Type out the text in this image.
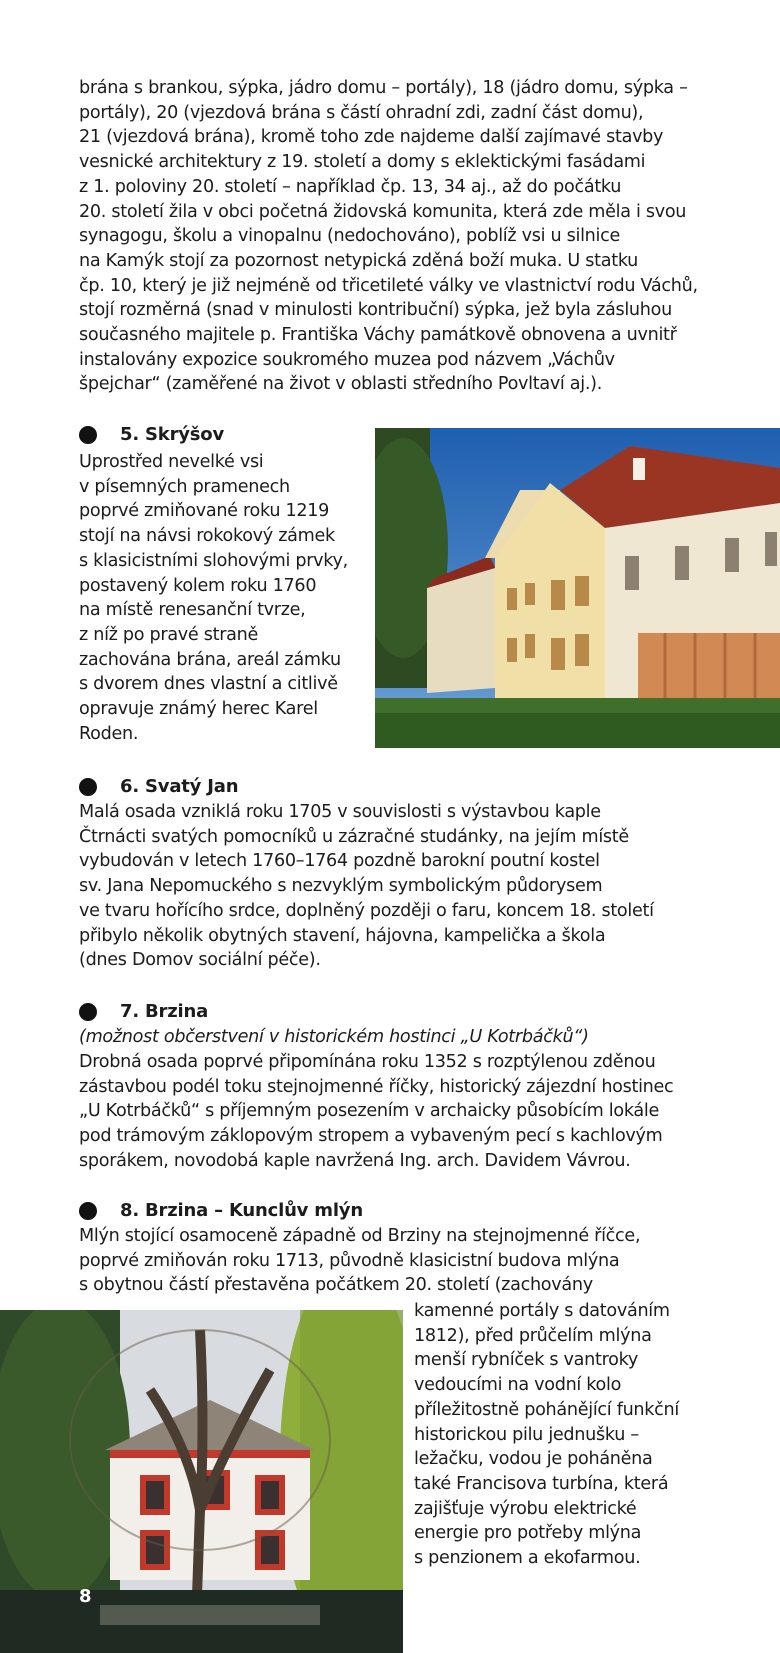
brána s brankou, sýpka, jádro domu – portály), 18 (jádro domu, sýpka –
portály), 20 (vjezdová brána s částí ohradní zdi, zadní část domu),
21 (vjezdová brána), kromě toho zde najdeme další zajímavé stavby
vesnické architektury z 19. století a domy s eklektickými fasádami
z 1. poloviny 20. století – například čp. 13, 34 aj., až do počátku
20. století žila v obci početná židovská komunita, která zde měla i svou
synagogu, školu a vinopalnu (nedochováno), poblíž vsi u silnice
na Kamýk stojí za pozornost netypická zděná boží muka. U statku
čp. 10, který je již nejméně od třicetileté války ve vlastnictví rodu Váchů,
stojí rozměrná (snad v minulosti kontribuční) sýpka, jež byla zásluhou
současného majitele p. Františka Váchy památkově obnovena a uvnitř
instalovány expozice soukromého muzea pod názvem „Váchův
špejchar“ (zaměřené na život v oblasti středního Povltaví aj.).

5. Skrýšov

Uprostřed nevelké vsi
v písemných pramenech
poprvé zmiňované roku 1219
stojí na návsi rokokový zámek
s klasicistními slohovými prvky,
postavený kolem roku 1760
na místě renesanční tvrze,
z níž po pravé straně
zachována brána, areál zámku
s dvorem dnes vlastní a citlivě
opravuje známý herec Karel
Roden.

6. Svatý Jan

Malá osada vzniklá roku 1705 v souvislosti s výstavbou kaple
Čtrnácti svatých pomocníků u zázračné studánky, na jejím místě
vybudován v letech 1760–1764 pozdně barokní poutní kostel
sv. Jana Nepomuckého s nezvyklým symbolickým půdorysem
ve tvaru hořícího srdce, doplněný později o faru, koncem 18. století
přibylo několik obytných stavení, hájovna, kampelička a škola
(dnes Domov sociální péče).

7. Brzina

(možnost občerstvení v historickém hostinci „U Kotrbáčků“)

Drobná osada poprvé připomínána roku 1352 s rozptýlenou zděnou
zástavbou podél toku stejnojmenné říčky, historický zájezdní hostinec
„U Kotrbáčků“ s příjemným posezením v archaicky působícím lokále
pod trámovým záklopovým stropem a vybaveným pecí s kachlovým
sporákem, novodobá kaple navržená Ing. arch. Davidem Vávrou.

8. Brzina – Kunclův mlýn

Mlýn stojící osamoceně západně od Brziny na stejnojmenné říčce,
poprvé zmiňován roku 1713, původně klasicistní budova mlýna
s obytnou částí přestavěna počátkem 20. století (zachovány

kamenné portály s datováním
1812), před průčelím mlýna
menší rybníček s vantroky
vedoucími na vodní kolo
příležitostně pohánějící funkční
historickou pilu jednušku –
ležačku, vodou je poháněna
také Francisova turbína, která
zajišťuje výrobu elektrické
energie pro potřeby mlýna
s penzionem a ekofarmou.

8
